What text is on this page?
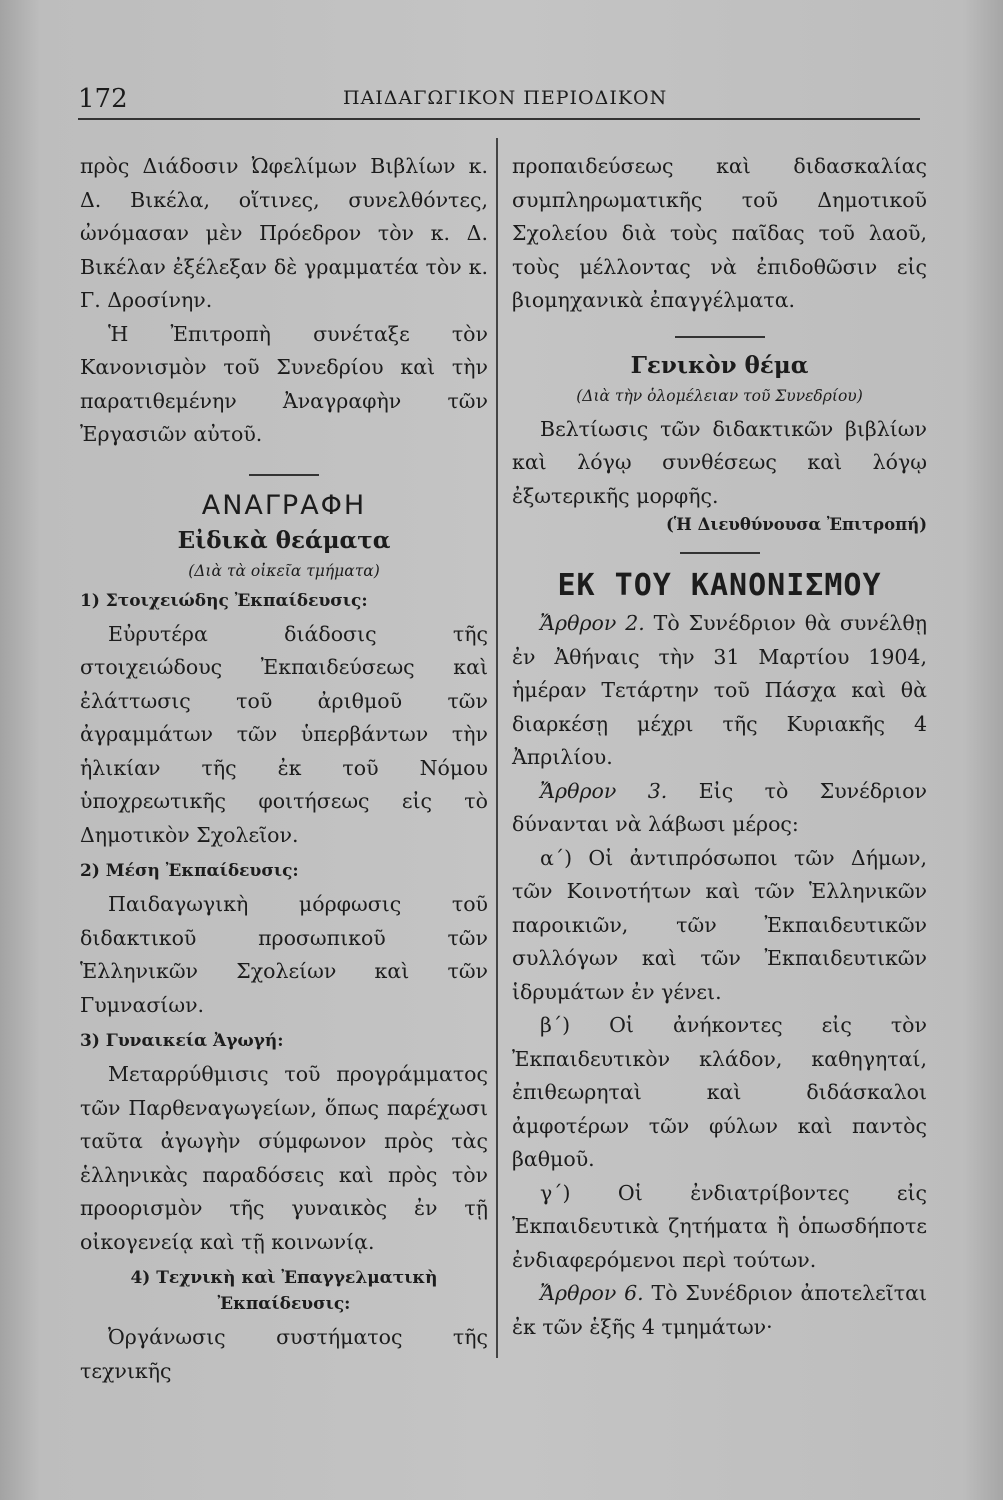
172	ΠΑΙΔΑΓΩΓΙΚΟΝ ΠΕΡΙΟΔΙΚΟΝ

πρὸς Διάδοσιν Ὠφελίμων Βιβλίων κ. Δ. Βικέλα, οἵτινες, συνελθόντες, ὠνόμασαν μὲν Πρόεδρον τὸν κ. Δ. Βικέλαν ἐξέλεξαν δὲ γραμματέα τὸν κ. Γ. Δροσίνην.

Ἡ Ἐπιτροπὴ συνέταξε τὸν Κανονισμὸν τοῦ Συνεδρίου καὶ τὴν παρατιθεμένην Ἀναγραφὴν τῶν Ἐργασιῶν αὐτοῦ.

ΑΝΑΓΡΑΦΗ
Εἰδικὰ θεάματα
(Διὰ τὰ οἰκεῖα τμήματα)
1) Στοιχειώδης Ἐκπαίδευσις:

Εὐρυτέρα διάδοσις τῆς στοιχειώδους Ἐκπαιδεύσεως καὶ ἐλάττωσις τοῦ ἀριθμοῦ τῶν ἀγραμμάτων τῶν ὑπερβάντων τὴν ἡλικίαν τῆς ἐκ τοῦ Νόμου ὑποχρεωτικῆς φοιτήσεως εἰς τὸ Δημοτικὸν Σχολεῖον.

2) Μέση Ἐκπαίδευσις:

Παιδαγωγικὴ μόρφωσις τοῦ διδακτικοῦ προσωπικοῦ τῶν Ἑλληνικῶν Σχολείων καὶ τῶν Γυμνασίων.

3) Γυναικεία Ἀγωγή:

Μεταρρύθμισις τοῦ προγράμματος τῶν Παρθεναγωγείων, ὅπως παρέχωσι ταῦτα ἀγωγὴν σύμφωνον πρὸς τὰς ἑλληνικὰς παραδόσεις καὶ πρὸς τὸν προορισμὸν τῆς γυναικὸς ἐν τῇ οἰκογενείᾳ καὶ τῇ κοινωνίᾳ.

4) Τεχνικὴ καὶ Ἐπαγγελματικὴ Ἐκπαίδευσις:

Ὀργάνωσις συστήματος τῆς τεχνικῆς

προπαιδεύσεως καὶ διδασκαλίας συμπληρωματικῆς τοῦ Δημοτικοῦ Σχολείου διὰ τοὺς παῖδας τοῦ λαοῦ, τοὺς μέλλοντας νὰ ἐπιδοθῶσιν εἰς βιομηχανικὰ ἐπαγγέλματα.

Γενικὸν θέμα
(Διὰ τὴν ὁλομέλειαν τοῦ Συνεδρίου)

Βελτίωσις τῶν διδακτικῶν βιβλίων καὶ λόγῳ συνθέσεως καὶ λόγῳ ἐξωτερικῆς μορφῆς.

(Ἡ Διευθύνουσα Ἐπιτροπή)
ΕΚ ΤΟΥ ΚΑΝΟΝΙΣΜΟΥ

Ἄρθρον 2. Τὸ Συνέδριον θὰ συνέλθῃ ἐν Ἀθήναις τὴν 31 Μαρτίου 1904, ἡμέραν Τετάρτην τοῦ Πάσχα καὶ θὰ διαρκέσῃ μέχρι τῆς Κυριακῆς 4 Ἀπριλίου.

Ἄρθρον 3. Εἰς τὸ Συνέδριον δύνανται νὰ λάβωσι μέρος:

α΄) Οἱ ἀντιπρόσωποι τῶν Δήμων, τῶν Κοινοτήτων καὶ τῶν Ἑλληνικῶν παροικιῶν, τῶν Ἐκπαιδευτικῶν συλλόγων καὶ τῶν Ἐκπαιδευτικῶν ἱδρυμάτων ἐν γένει.

β΄) Οἱ ἀνήκοντες εἰς τὸν Ἐκπαιδευτικὸν κλάδον, καθηγηταί, ἐπιθεωρηταὶ καὶ διδάσκαλοι ἀμφοτέρων τῶν φύλων καὶ παντὸς βαθμοῦ.

γ΄) Οἱ ἐνδιατρίβοντες εἰς Ἐκπαιδευτικὰ ζητήματα ἢ ὁπωσδήποτε ἐνδιαφερόμενοι περὶ τούτων.

Ἄρθρον 6. Τὸ Συνέδριον ἀποτελεῖται ἐκ τῶν ἑξῆς 4 τμημάτων·
